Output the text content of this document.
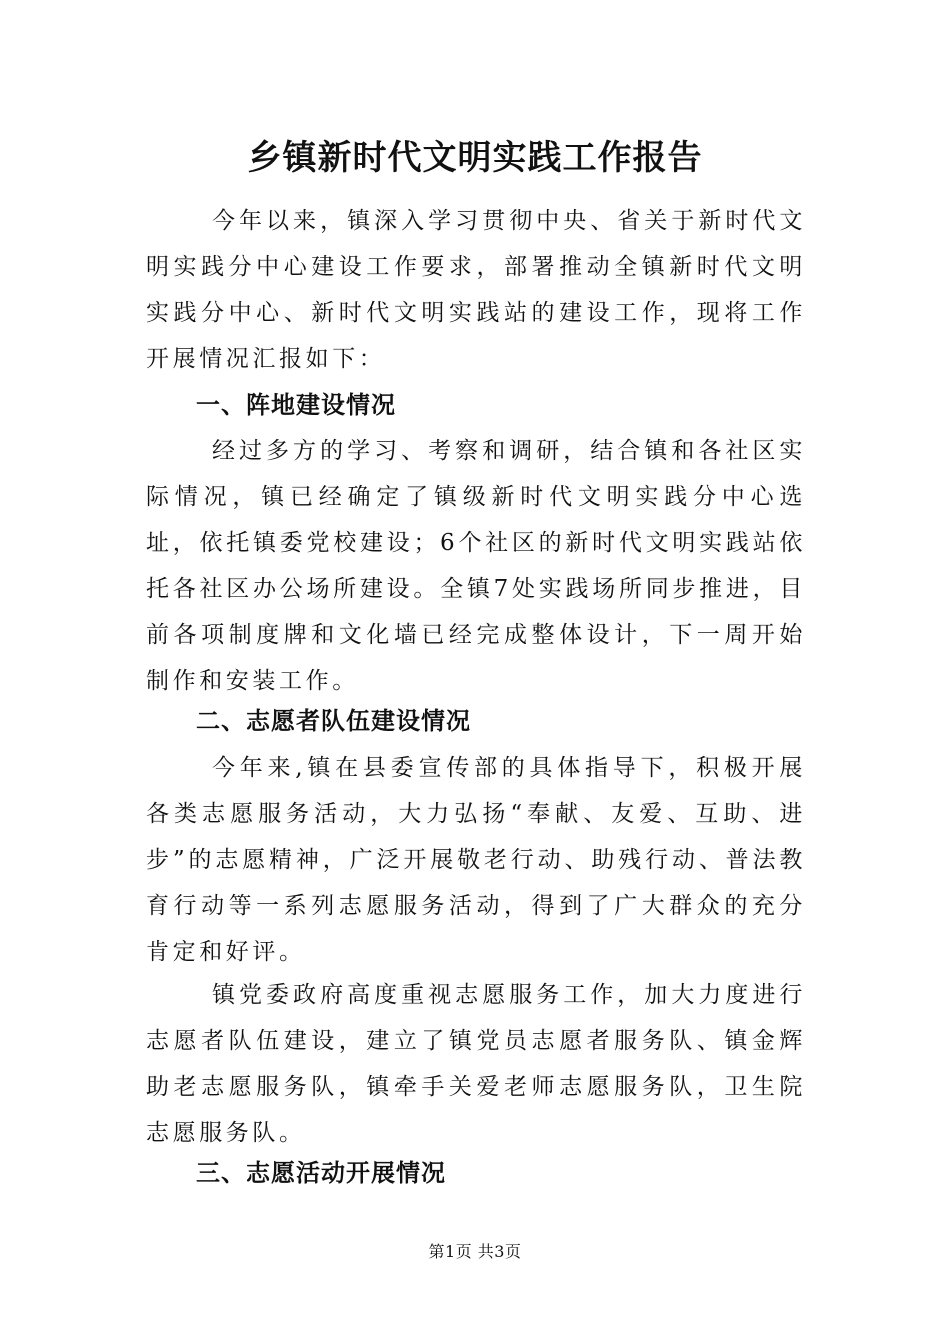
乡镇新时代文明实践工作报告

今年以来，镇深入学习贯彻中央、省关于新时代文明实践分中心建设工作要求，部署推动全镇新时代文明实践分中心、新时代文明实践站的建设工作，现将工作开展情况汇报如下：

一、阵地建设情况

经过多方的学习、考察和调研，结合镇和各社区实际情况，镇已经确定了镇级新时代文明实践分中心选址，依托镇委党校建设；6个社区的新时代文明实践站依托各社区办公场所建设。全镇7处实践场所同步推进，目前各项制度牌和文化墙已经完成整体设计，下一周开始制作和安装工作。

二、志愿者队伍建设情况

今年来,镇在县委宣传部的具体指导下，积极开展各类志愿服务活动，大力弘扬“奉献、友爱、互助、进步”的志愿精神，广泛开展敬老行动、助残行动、普法教育行动等一系列志愿服务活动，得到了广大群众的充分肯定和好评。

镇党委政府高度重视志愿服务工作，加大力度进行志愿者队伍建设，建立了镇党员志愿者服务队、镇金辉助老志愿服务队，镇牵手关爱老师志愿服务队，卫生院志愿服务队。

三、志愿活动开展情况
第1页 共3页
